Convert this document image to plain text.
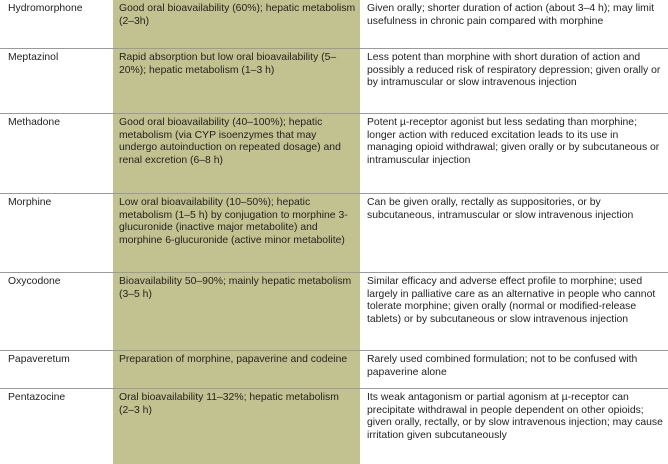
Hydromorphone	Good oral bioavailability (60%); hepatic metabolism (2–3h)	Given orally; shorter duration of action (about 3–4 h); may limit usefulness in chronic pain compared with morphine
Meptazinol	Rapid absorption but low oral bioavailability (5–20%); hepatic metabolism (1–3 h)	Less potent than morphine with short duration of action and possibly a reduced risk of respiratory depression; given orally or by intramuscular or slow intravenous injection
Methadone	Good oral bioavailability (40–100%); hepatic metabolism (via CYP isoenzymes that may undergo autoinduction on repeated dosage) and renal excretion (6–8 h)	Potent µ-receptor agonist but less sedating than morphine; longer action with reduced excitation leads to its use in managing opioid withdrawal; given orally or by subcutaneous or intramuscular injection
Morphine	Low oral bioavailability (10–50%); hepatic metabolism (1–5 h) by conjugation to morphine 3-glucuronide (inactive major metabolite) and morphine 6-glucuronide (active minor metabolite)	Can be given orally, rectally as suppositories, or by subcutaneous, intramuscular or slow intravenous injection
Oxycodone	Bioavailability 50–90%; mainly hepatic metabolism (3–5 h)	Similar efficacy and adverse effect profile to morphine; used largely in palliative care as an alternative in people who cannot tolerate morphine; given orally (normal or modified-release tablets) or by subcutaneous or slow intravenous injection
Papaveretum	Preparation of morphine, papaverine and codeine	Rarely used combined formulation; not to be confused with papaverine alone
Pentazocine	Oral bioavailability 11–32%; hepatic metabolism (2–3 h)	Its weak antagonism or partial agonism at µ-receptor can precipitate withdrawal in people dependent on other opioids; given orally, rectally, or by slow intravenous injection; may cause irritation given subcutaneously
